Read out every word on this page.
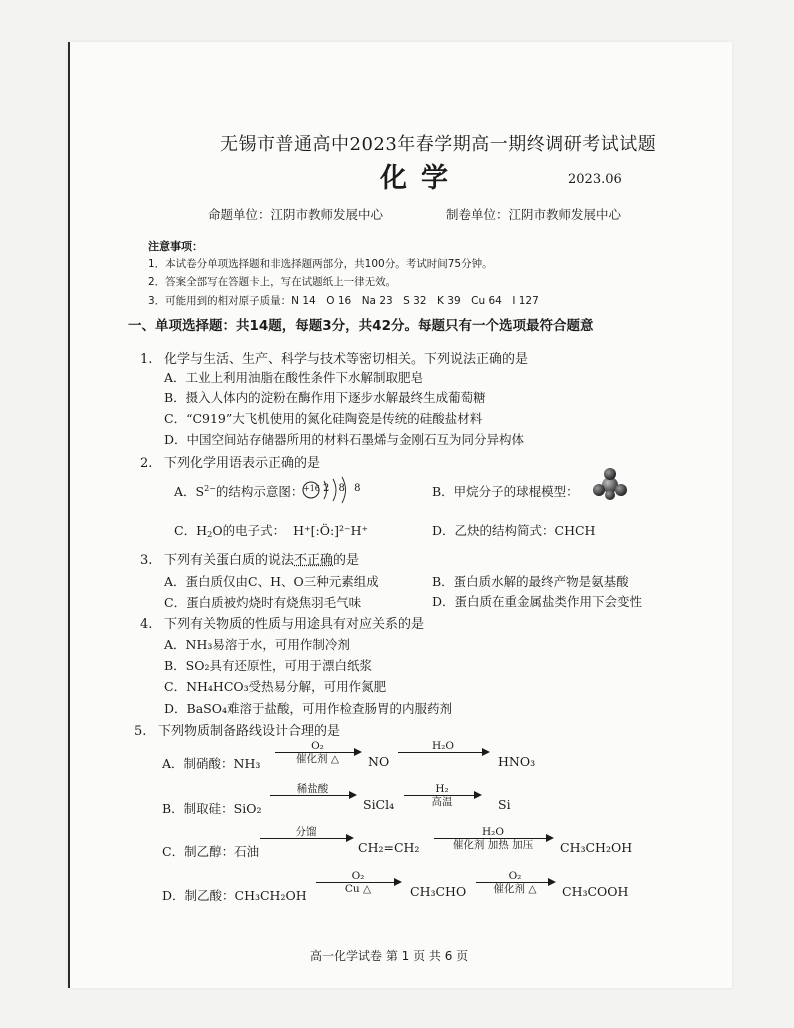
无锡市普通高中2023年春学期高一期终调研考试试题
化学	2023.06
命题单位：江阴市教师发展中心	制卷单位：江阴市教师发展中心
注意事项：
1．本试卷分单项选择题和非选择题两部分，共100分。考试时间75分钟。
2．答案全部写在答题卡上，写在试题纸上一律无效。
3．可能用到的相对原子质量：N 14　O 16　Na 23　S 32　K 39　Cu 64　I 127
一、单项选择题：共14题，每题3分，共42分。每题只有一个选项最符合题意
1. 化学与生活、生产、科学与技术等密切相关。下列说法正确的是
A．工业上利用油脂在酸性条件下水解制取肥皂
B．摄入人体内的淀粉在酶作用下逐步水解最终生成葡萄糖
C．“C919”大飞机使用的氮化硅陶瓷是传统的硅酸盐材料
D．中国空间站存储器所用的材料石墨烯与金刚石互为同分异构体
2. 下列化学用语表示正确的是
A．$S^{2-}$的结构示意图： +16 2 8 8	B．甲烷分子的球棍模型：
C．$H_2O$的电子式： H⁺[:Ö:]²⁻H⁺	D．乙炔的结构简式：CHCH
3. 下列有关蛋白质的说法不正确的是
A．蛋白质仅由C、H、O三种元素组成	B．蛋白质水解的最终产物是氨基酸
C．蛋白质被灼烧时有烧焦羽毛气味	D．蛋白质在重金属盐类作用下会变性
4. 下列有关物质的性质与用途具有对应关系的是
A．NH₃易溶于水，可用作制冷剂
B．SO₂具有还原性，可用于漂白纸浆
C．NH₄HCO₃受热易分解，可用作氮肥
D．BaSO₄难溶于盐酸，可用作检查肠胃的内服药剂
5. 下列物质制备路线设计合理的是
A．制硝酸：NH₃
O₂
催化剂 △ NO
H₂O
HNO₃
B．制取硅：SiO₂
稀盐酸
SiCl₄
H₂
高温	Si
C．制乙醇：石油
分馏
CH₂=CH₂
H₂O
催化剂 加热 加压 CH₃CH₂OH
D．制乙酸：CH₃CH₂OH
O₂
Cu △	CH₃CHO
O₂
催化剂 △ CH₃COOH
高一化学试卷 第 1 页 共 6 页
